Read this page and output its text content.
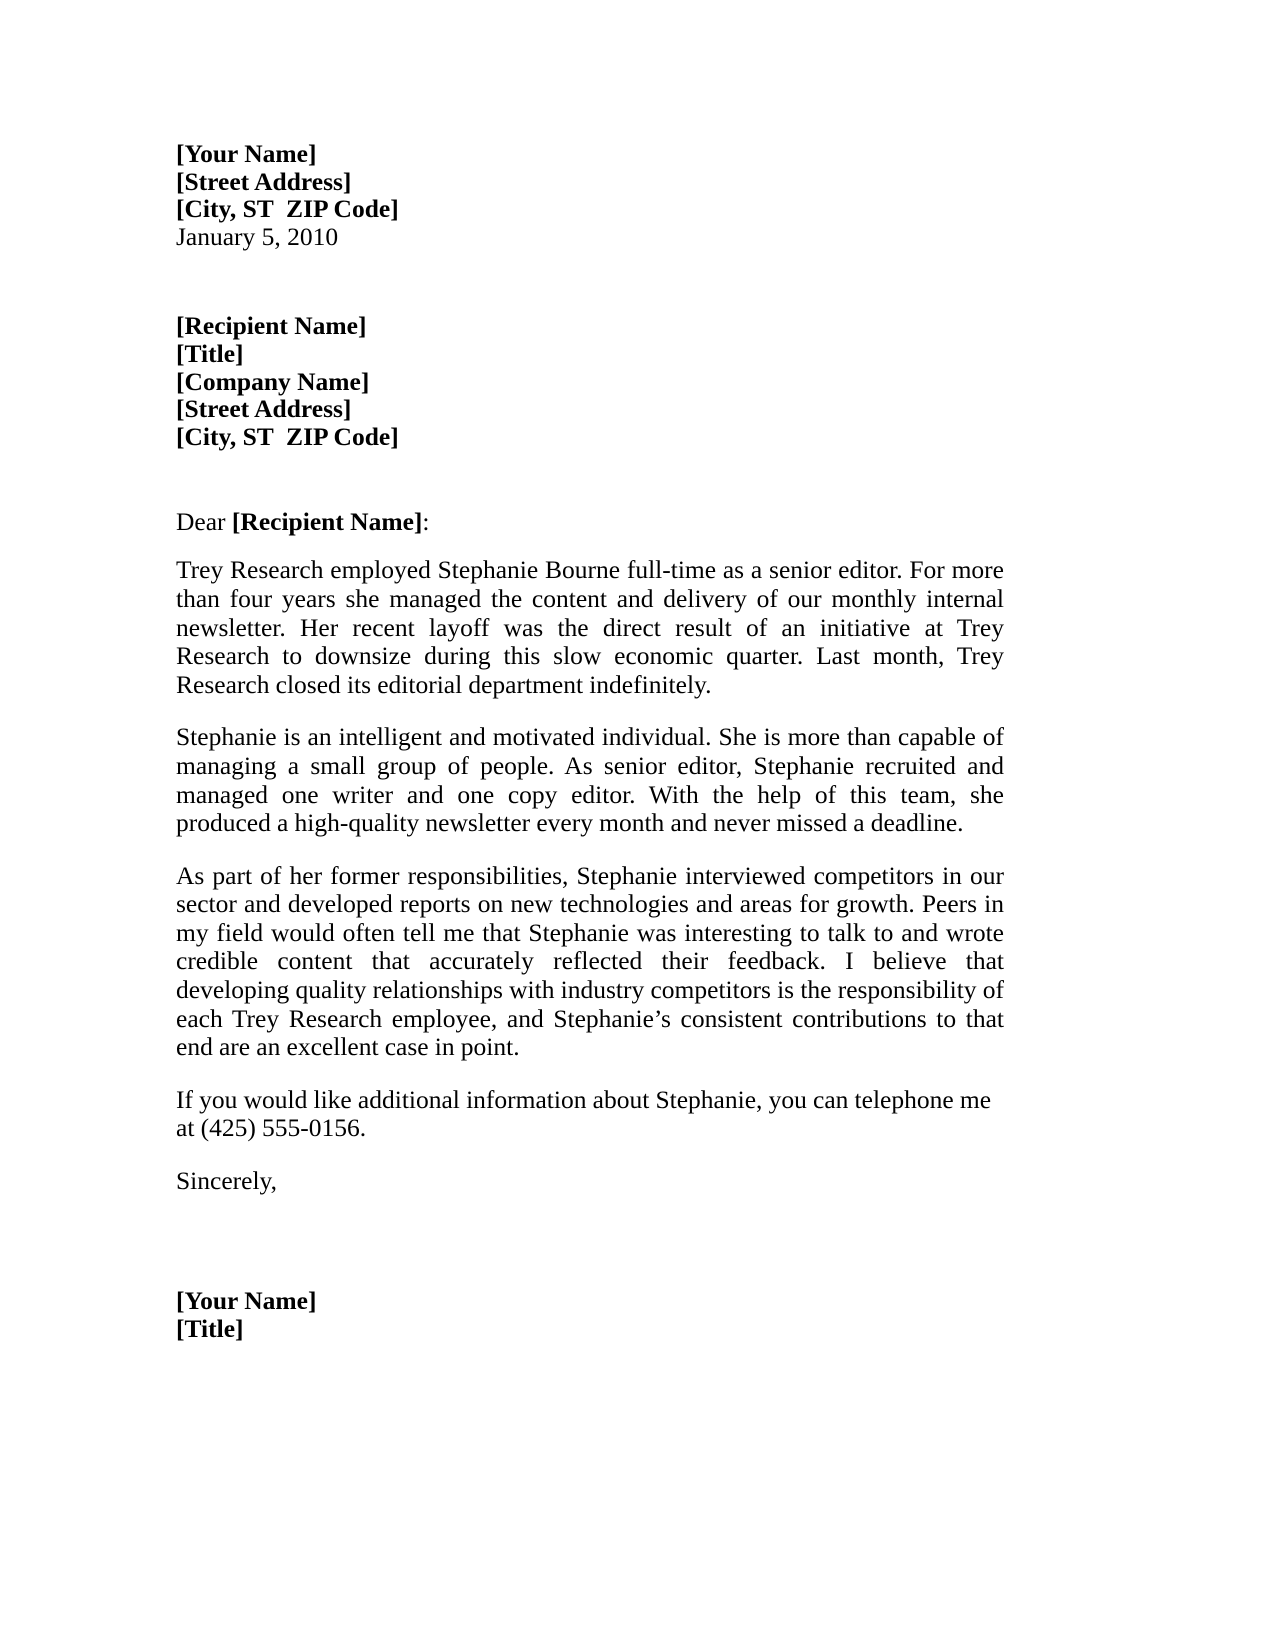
[Your Name]
[Street Address]
[City, ST  ZIP Code]
January 5, 2010
[Recipient Name]
[Title]
[Company Name]
[Street Address]
[City, ST  ZIP Code]
Dear [Recipient Name]:

Trey Research employed Stephanie Bourne full-time as a senior editor. For more than four years she managed the content and delivery of our monthly internal newsletter. Her recent layoff was the direct result of an initiative at Trey Research to downsize during this slow economic quarter. Last month, Trey Research closed its editorial department indefinitely.

Stephanie is an intelligent and motivated individual. She is more than capable of managing a small group of people. As senior editor, Stephanie recruited and managed one writer and one copy editor. With the help of this team, she produced a high-quality newsletter every month and never missed a deadline.

As part of her former responsibilities, Stephanie interviewed competitors in our sector and developed reports on new technologies and areas for growth. Peers in my field would often tell me that Stephanie was interesting to talk to and wrote credible content that accurately reflected their feedback. I believe that developing quality relationships with industry competitors is the responsibility of each Trey Research employee, and Stephanie’s consistent contributions to that end are an excellent case in point.

If you would like additional information about Stephanie, you can telephone me at (425) 555-0156.

Sincerely,
[Your Name]
[Title]
